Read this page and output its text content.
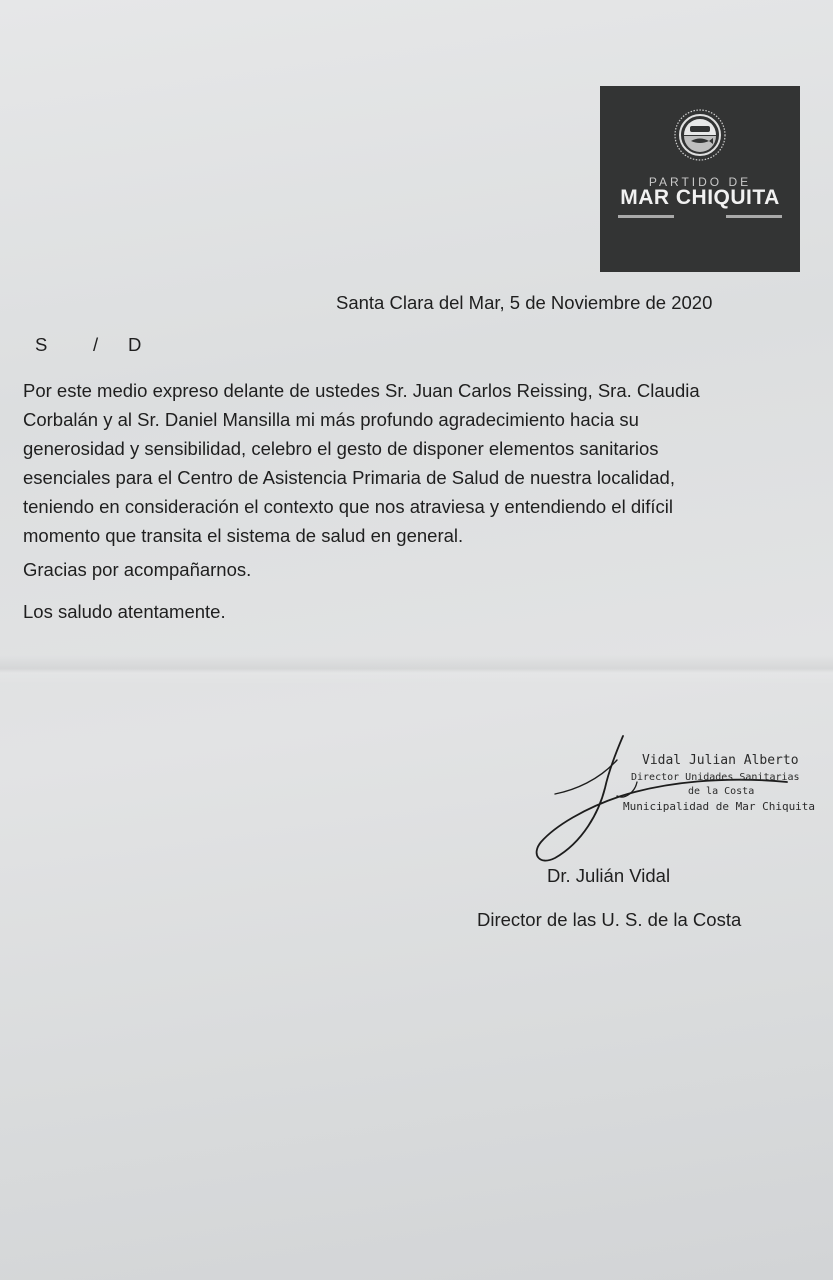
PARTIDO DE
MAR CHIQUITA
Santa Clara del Mar, 5 de Noviembre de 2020
S / D
Por este medio expreso delante de ustedes Sr. Juan Carlos Reissing, Sra. Claudia
Corbalán y al Sr. Daniel Mansilla mi más profundo agradecimiento hacia su
generosidad y sensibilidad, celebro el gesto de disponer elementos sanitarios
esenciales para el Centro de Asistencia Primaria de Salud de nuestra localidad,
teniendo en consideración el contexto que nos atraviesa y entendiendo el difícil
momento que transita el sistema de salud en general.
Gracias por acompañarnos.
Los saludo atentamente.
Vidal Julian Alberto
Director Unidades Sanitarias
de la Costa
Municipalidad de Mar Chiquita
Dr. Julián Vidal
Director de las U. S. de la Costa
